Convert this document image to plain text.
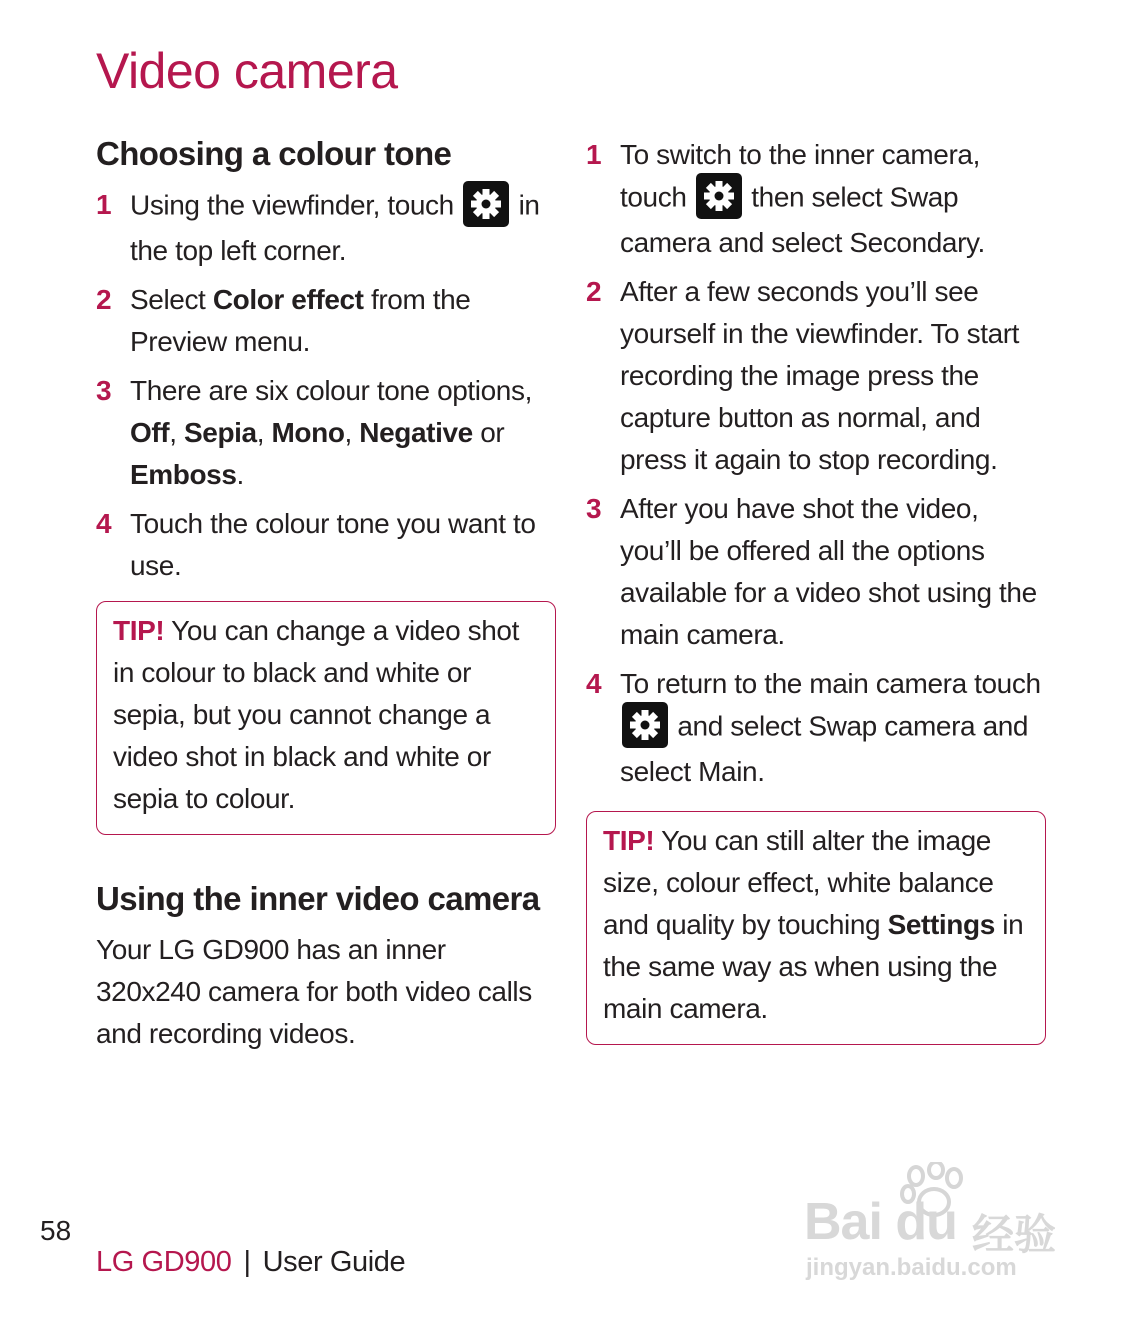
Video camera
Choosing a colour tone
1 Using the viewfinder, touch
in the top left corner.
2 Select Color effect from the Preview menu.
3 There are six colour tone options, Off, Sepia, Mono, Negative or Emboss.
4 Touch the colour tone you want to use.
TIP! You can change a video shot in colour to black and white or sepia, but you cannot change a video shot in black and white or sepia to colour.
Using the inner video camera

Your LG GD900 has an inner 320x240 camera for both video calls and recording videos.

1 To switch to the inner camera, touch
then select Swap camera and select Secondary.
2 After a few seconds you’ll see yourself in the viewfinder. To start recording the image press the capture button as normal, and press it again to stop recording.
3 After you have shot the video, you’ll be offered all the options available for a video shot using the main camera.
4 To return to the main camera touch
and select Swap camera and select Main.
TIP! You can still alter the image size, colour effect, white balance and quality by touching Settings in the same way as when using the main camera.
58
LG GD900 | User Guide
Bai du 经验
jingyan.baidu.com
